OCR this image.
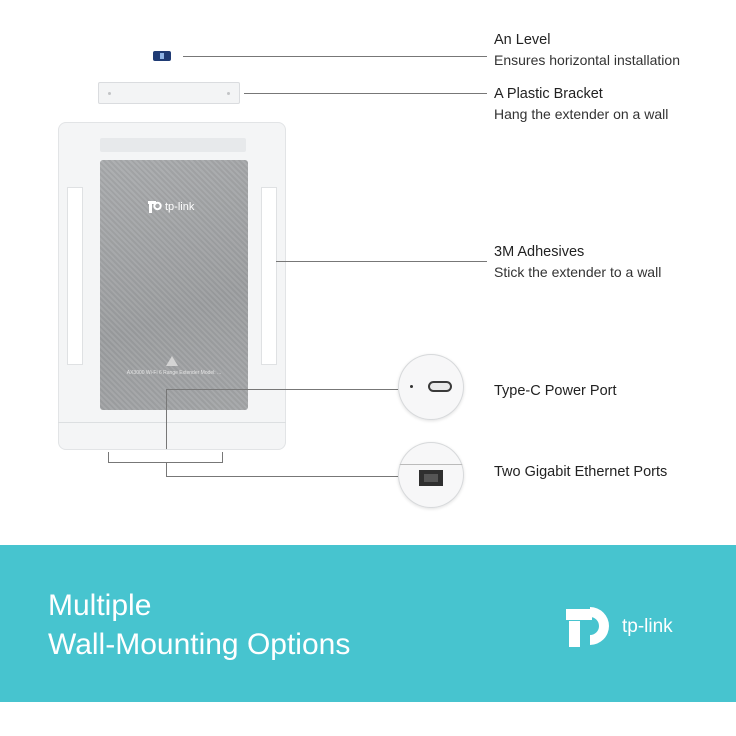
tp-link
AX3000 Wi-Fi 6 Range Extender Model: ...
An Level
Ensures horizontal installation
A Plastic Bracket
Hang the extender on a wall
3M Adhesives
Stick the extender to a wall
Type-C Power Port
Two Gigabit Ethernet Ports
Multiple
Wall-Mounting Options
tp-link
